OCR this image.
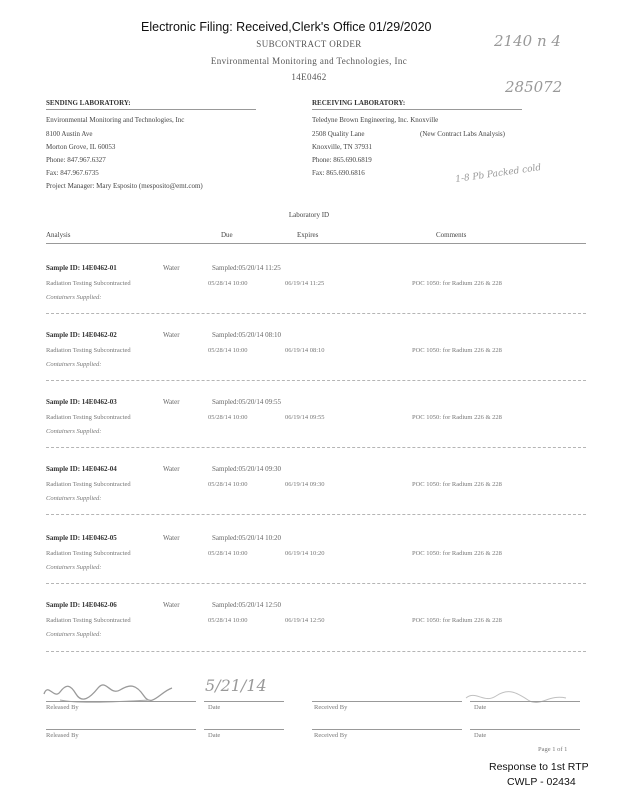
Electronic Filing: Received,Clerk's Office 01/29/2020
SUBCONTRACT ORDER
Environmental Monitoring and Technologies, Inc
14E0462
2140 n 4
285072
SENDING LABORATORY:
Environmental Monitoring and Technologies, Inc
8100 Austin Ave
Morton Grove, IL 60053
Phone: 847.967.6327
Fax: 847.967.6735
Project Manager: Mary Esposito (mesposito@emt.com)
RECEIVING LABORATORY:
Teledyne Brown Engineering, Inc. Knoxville
2508 Quality Lane	(New Contract Labs Analysis)
Knoxville, TN 37931
Phone: 865.690.6819
Fax: 865.690.6816	1-8 Pb Packed cold
Laboratory ID
Analysis	Due	Expires	Comments
Sample ID: 14E0462-01	Water	Sampled:05/20/14 11:25
Radiation Testing Subcontracted	05/28/14 10:00	06/19/14 11:25	POC 1050: for Radium 226 & 228
Containers Supplied:
Sample ID: 14E0462-02	Water	Sampled:05/20/14 08:10
Radiation Testing Subcontracted	05/28/14 10:00	06/19/14 08:10	POC 1050: for Radium 226 & 228
Containers Supplied:
Sample ID: 14E0462-03	Water	Sampled:05/20/14 09:55
Radiation Testing Subcontracted	05/28/14 10:00	06/19/14 09:55	POC 1050: for Radium 226 & 228
Containers Supplied:
Sample ID: 14E0462-04	Water	Sampled:05/20/14 09:30
Radiation Testing Subcontracted	05/28/14 10:00	06/19/14 09:30	POC 1050: for Radium 226 & 228
Containers Supplied:
Sample ID: 14E0462-05	Water	Sampled:05/20/14 10:20
Radiation Testing Subcontracted	05/28/14 10:00	06/19/14 10:20	POC 1050: for Radium 226 & 228
Containers Supplied:
Sample ID: 14E0462-06	Water	Sampled:05/20/14 12:50
Radiation Testing Subcontracted	05/28/14 10:00	06/19/14 12:50	POC 1050: for Radium 226 & 228
Containers Supplied:
5/21/14
Released By	Date	Received By	Date
Released By	Date	Received By	Date
Page 1 of 1
Response to 1st RTP
CWLP - 02434
